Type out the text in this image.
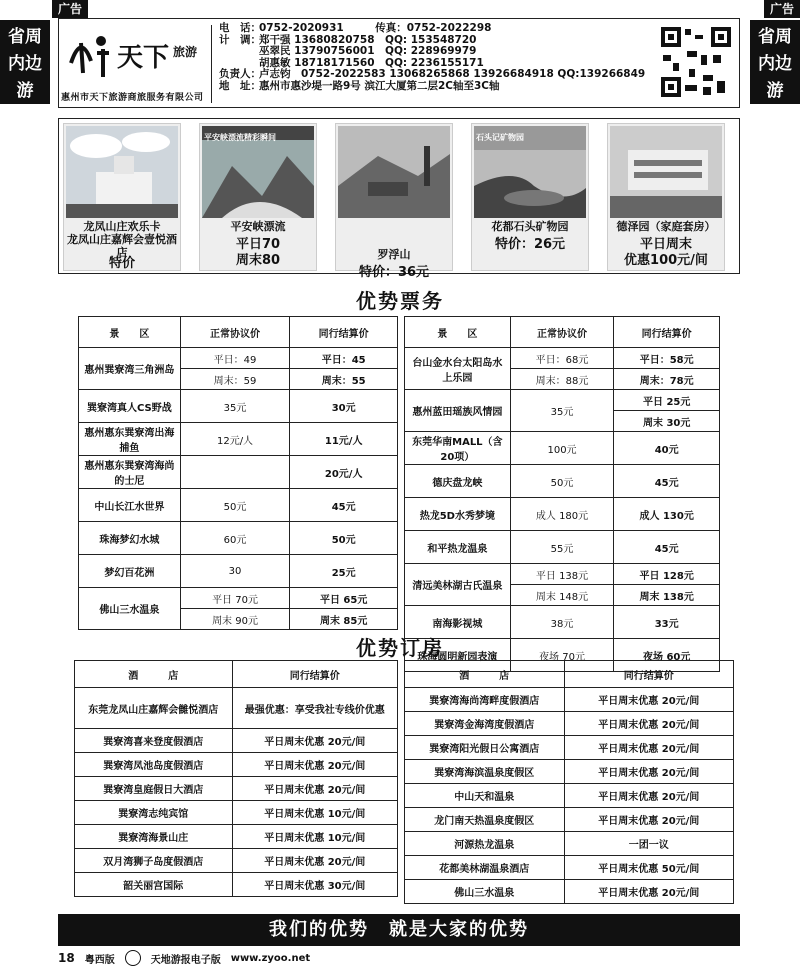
广告	广告
省周
内边
游
省周
内边
游
天下 旅游
惠州市天下旅游商旅服务有限公司
电　话：
0752-2020931　　　传真：0752-2022298
计　调：
郑干强 13680820758　QQ: 153548720
巫翠民 13790756001　QQ: 228969979
胡惠敏 18718171560　QQ: 2236155171
负责人：
卢志钧　0752-2022583 13068265868 13926684918 QQ:139266849
地　址：
惠州市惠沙堤一路9号 滨江大厦第二层2C轴至3C轴
龙凤山庄欢乐卡
龙凤山庄嘉辉会壹悦酒店
特价
平安峡漂流精彩瞬间
平安峡漂流
平日70
周末80	罗浮山
特价：36元
石头记矿物园
花都石头矿物园
特价：26元
德泽园（家庭套房）
平日周末
优惠100元/间
优势票务
景　　区	正常协议价	同行结算价
惠州巽寮湾三角洲岛	平日：49	平日：45
	周末：59	周末：55
巽寮湾真人CS野战	35元	30元
惠州惠东巽寮湾出海捕鱼	12元/人	11元/人
惠州惠东巽寮湾海尚的士尼		20元/人
中山长江水世界	50元	45元
珠海梦幻水城	60元	50元
梦幻百花洲	30	25元
佛山三水温泉	平日 70元	平日 65元
	周末 90元	周末 85元
景　　区	正常协议价	同行结算价
台山金水台太阳岛水上乐园	平日：68元	平日：58元
	周末：88元	周末：78元
惠州蓝田瑶族风情园	35元	平日 25元
		周末 30元
东莞华南MALL（含20项）	100元	40元
德庆盘龙峡	50元	45元
热龙5D水秀梦境	成人 180元	成人 130元
和平热龙温泉	55元	45元
清远美林湖古氏温泉	平日 138元	平日 128元
	周末 148元	周末 138元
南海影视城	38元	33元
珠海圆明新园表演	夜场 70元	夜场 60元
优势订房
酒　　　店	同行结算价
东莞龙凤山庄嘉辉会雠悦酒店	最强优惠：享受我社专线价优惠
巽寮湾喜来登度假酒店	平日周末优惠 20元/间
巽寮湾凤池岛度假酒店	平日周末优惠 20元/间
巽寮湾皇庭假日大酒店	平日周末优惠 20元/间
巽寮湾志纯宾馆	平日周末优惠 10元/间
巽寮湾海景山庄	平日周末优惠 10元/间
双月湾狮子岛度假酒店	平日周末优惠 20元/间
韶关丽宫国际	平日周末优惠 30元/间
酒　　　店	同行结算价
巽寮湾海尚湾畔度假酒店	平日周末优惠 20元/间
巽寮湾金海湾度假酒店	平日周末优惠 20元/间
巽寮湾阳光假日公寓酒店	平日周末优惠 20元/间
巽寮湾海滨温泉度假区	平日周末优惠 20元/间
中山天和温泉	平日周末优惠 20元/间
龙门南天热温泉度假区	平日周末优惠 20元/间
河源热龙温泉	一团一议
花都美林湖温泉酒店	平日周末优惠 50元/间
佛山三水温泉	平日周末优惠 20元/间
我们的优势　就是大家的优势
18 粤西版	天地游报电子版 www.zyoo.net
